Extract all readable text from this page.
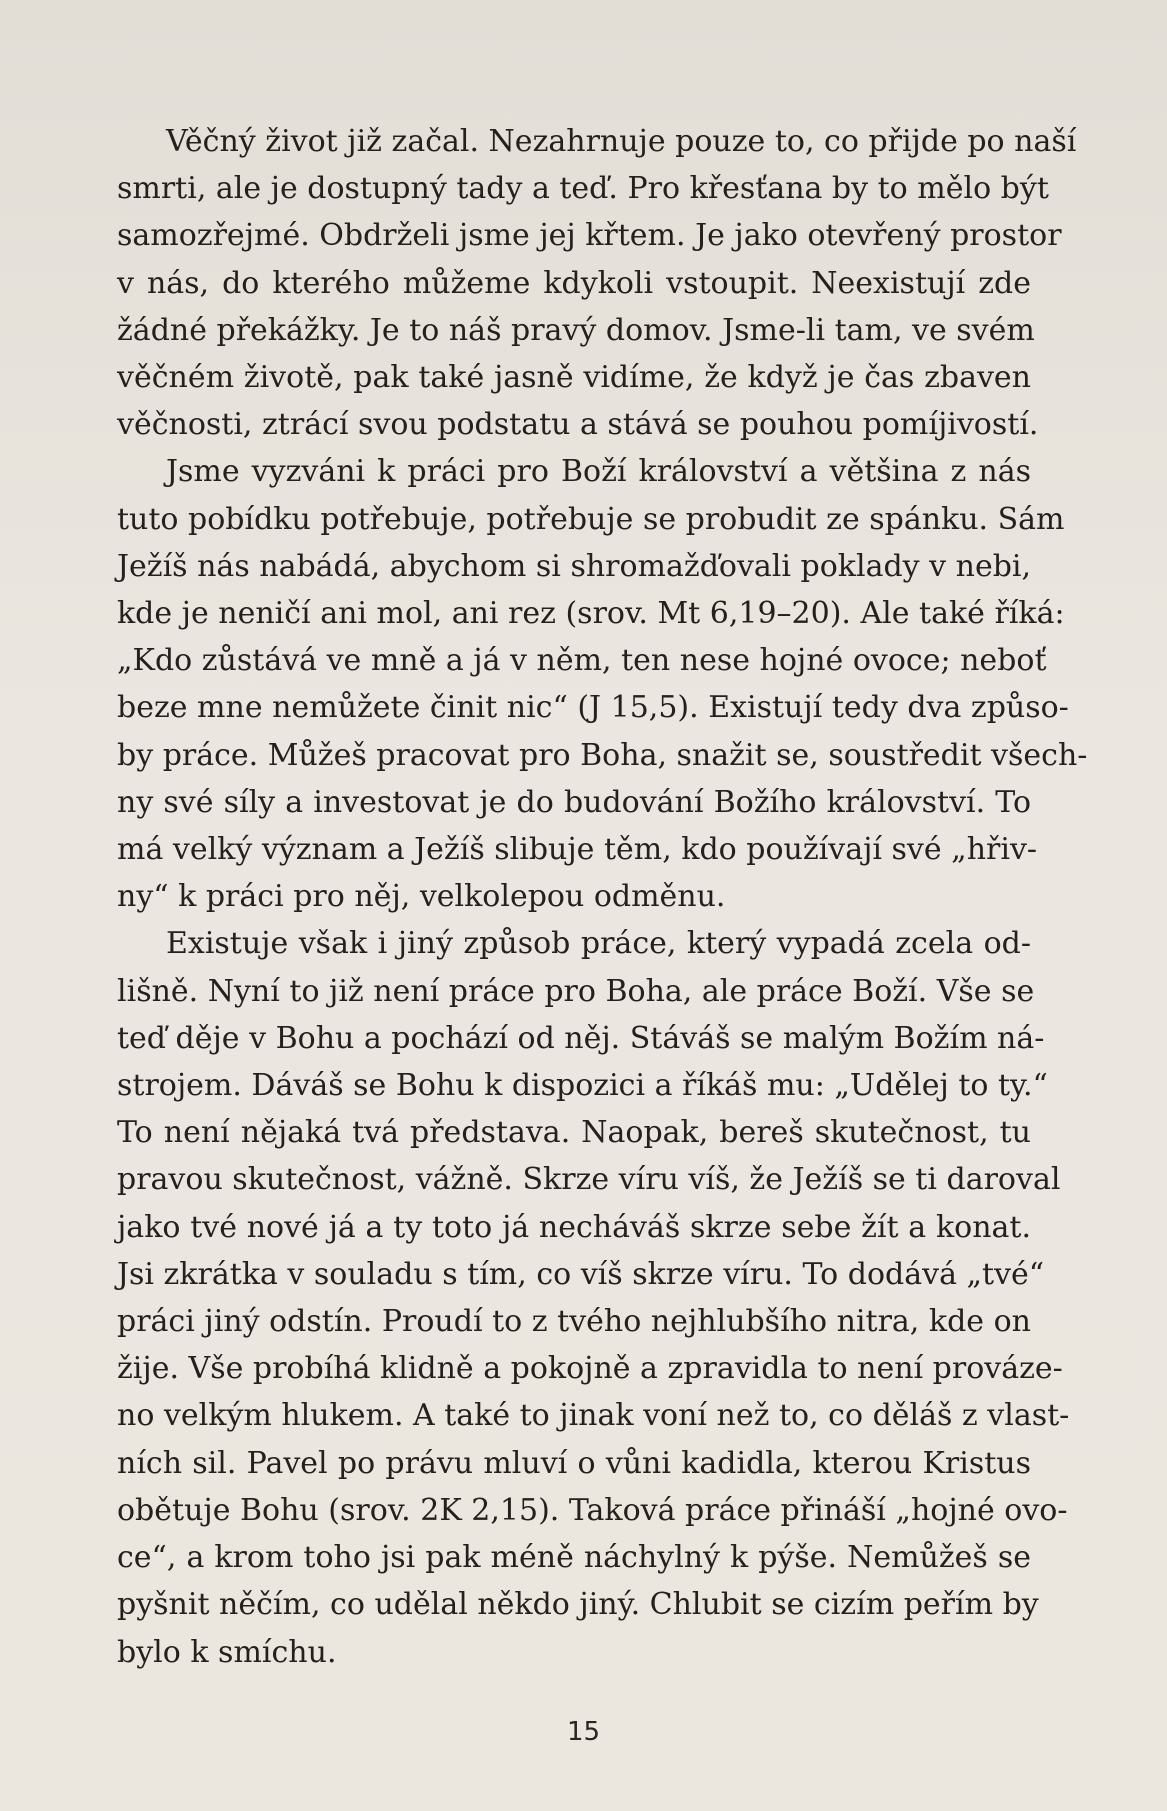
Věčný život již začal. Nezahrnuje pouze to, co přijde po naší
smrti, ale je dostupný tady a teď. Pro křesťana by to mělo být
samozřejmé. Obdrželi jsme jej křtem. Je jako otevřený prostor
v nás, do kterého můžeme kdykoli vstoupit. Neexistují zde
žádné překážky. Je to náš pravý domov. Jsme-li tam, ve svém
věčném životě, pak také jasně vidíme, že když je čas zbaven
věčnosti, ztrácí svou podstatu a stává se pouhou pomíjivostí.
Jsme vyzváni k práci pro Boží království a většina z nás
tuto pobídku potřebuje, potřebuje se probudit ze spánku. Sám
Ježíš nás nabádá, abychom si shromažďovali poklady v nebi,
kde je neničí ani mol, ani rez (srov. Mt 6,19–20). Ale také říká:
„Kdo zůstává ve mně a já v něm, ten nese hojné ovoce; neboť
beze mne nemůžete činit nic“ (J 15,5). Existují tedy dva způso-
by práce. Můžeš pracovat pro Boha, snažit se, soustředit všech-
ny své síly a investovat je do budování Božího království. To
má velký význam a Ježíš slibuje těm, kdo používají své „hřiv-
ny“ k práci pro něj, velkolepou odměnu.
Existuje však i jiný způsob práce, který vypadá zcela od-
lišně. Nyní to již není práce pro Boha, ale práce Boží. Vše se
teď děje v Bohu a pochází od něj. Stáváš se malým Božím ná-
strojem. Dáváš se Bohu k dispozici a říkáš mu: „Udělej to ty.“
To není nějaká tvá představa. Naopak, bereš skutečnost, tu
pravou skutečnost, vážně. Skrze víru víš, že Ježíš se ti daroval
jako tvé nové já a ty toto já necháváš skrze sebe žít a konat.
Jsi zkrátka v souladu s tím, co víš skrze víru. To dodává „tvé“
práci jiný odstín. Proudí to z tvého nejhlubšího nitra, kde on
žije. Vše probíhá klidně a pokojně a zpravidla to není prováze-
no velkým hlukem. A také to jinak voní než to, co děláš z vlast-
ních sil. Pavel po právu mluví o vůni kadidla, kterou Kristus
obětuje Bohu (srov. 2K 2,15). Taková práce přináší „hojné ovo-
ce“, a krom toho jsi pak méně náchylný k pýše. Nemůžeš se
pyšnit něčím, co udělal někdo jiný. Chlubit se cizím peřím by
bylo k smíchu.
15
